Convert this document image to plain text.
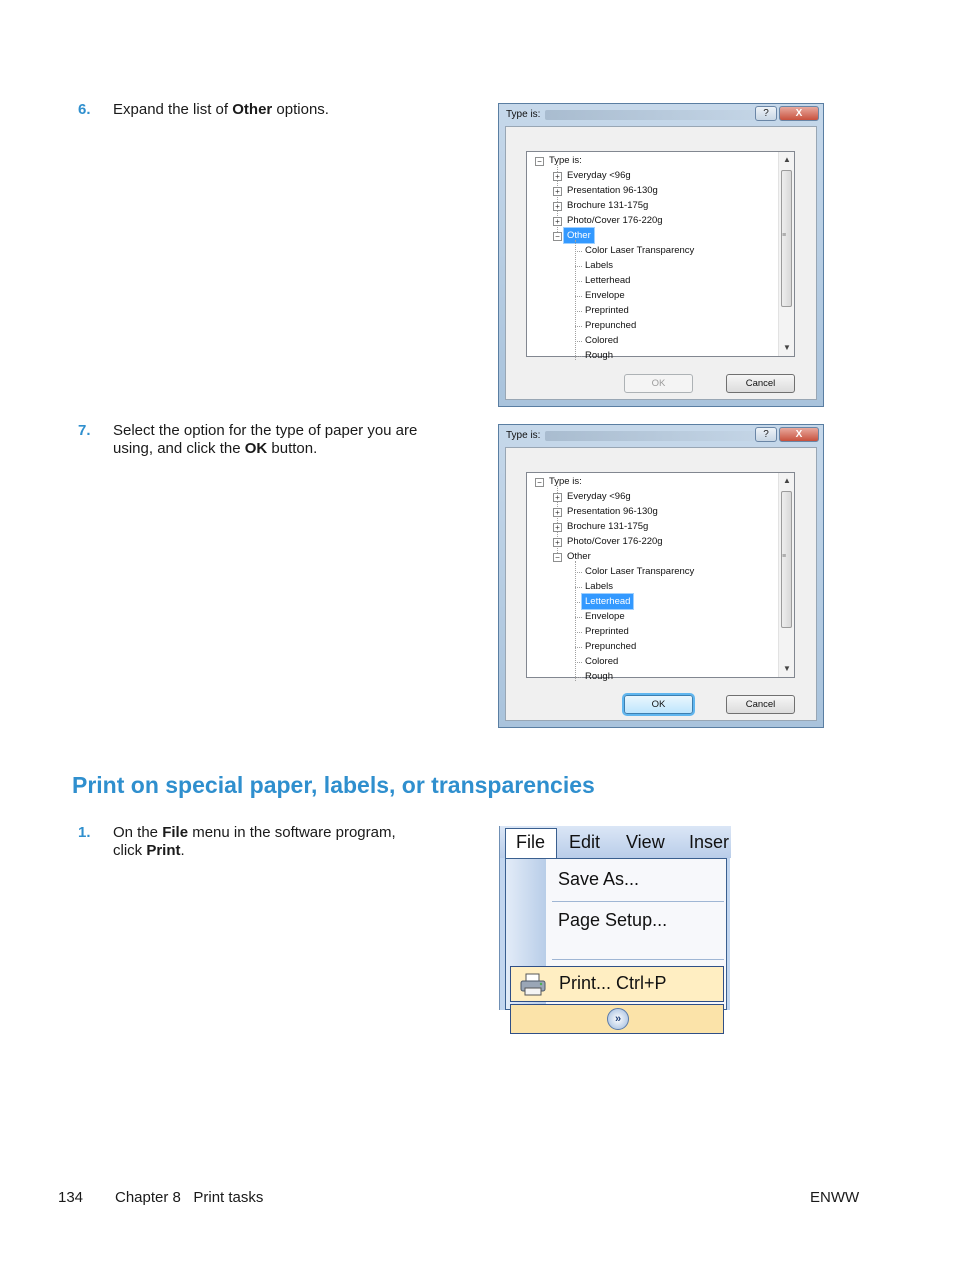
6. Expand the list of Other options.
7. Select the option for the type of paper you are using, and click the OK button.
Type is:	?	X
− Type is:
+ Everyday <96g
+ Presentation 96-130g
+ Brochure 131-175g
+ Photo/Cover 176-220g
− Other
Color Laser Transparency
Labels
Letterhead
Envelope
Preprinted
Prepunched
Colored
Rough
▲
≡
▼
OK	Cancel
Type is:	?	X
− Type is:
+ Everyday <96g
+ Presentation 96-130g
+ Brochure 131-175g
+ Photo/Cover 176-220g
− Other
Color Laser Transparency
Labels
Letterhead
Envelope
Preprinted
Prepunched
Colored
Rough
▲
≡
▼
OK	Cancel
Print on special paper, labels, or transparencies
1. On the File menu in the software program, click Print.	File Edit View Inser
Save As...
Page Setup...
Print... Ctrl+P
»
134 Chapter 8   Print tasks	ENWW
